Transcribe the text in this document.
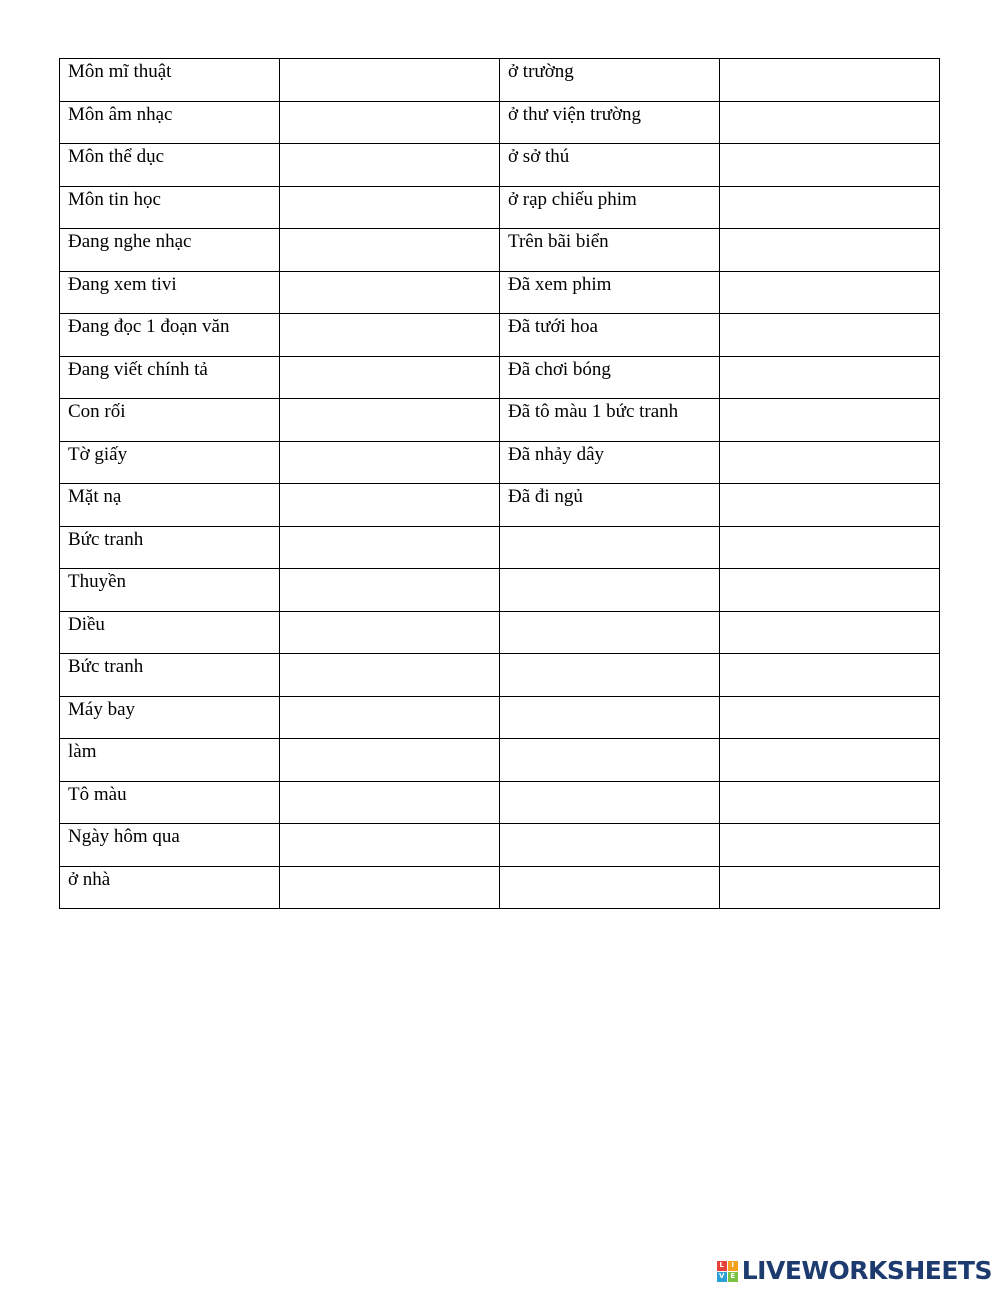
Môn mĩ thuật		ở trường	
Môn âm nhạc		ở thư viện trường	
Môn thể dục		ở sở thú	
Môn tin học		ở rạp chiếu phim	
Đang nghe nhạc		Trên bãi biển	
Đang xem tivi		Đã xem phim	
Đang đọc 1 đoạn văn		Đã tưới hoa	
Đang viết chính tả		Đã chơi bóng	
Con rối		Đã tô màu 1 bức tranh	
Tờ giấy		Đã nhảy dây	
Mặt nạ		Đã đi ngủ	
Bức tranh			
Thuyền			
Diều			
Bức tranh			
Máy bay			
làm			
Tô màu			
Ngày hôm qua			
ở nhà			
L	I
V E LIVEWORKSHEETS
